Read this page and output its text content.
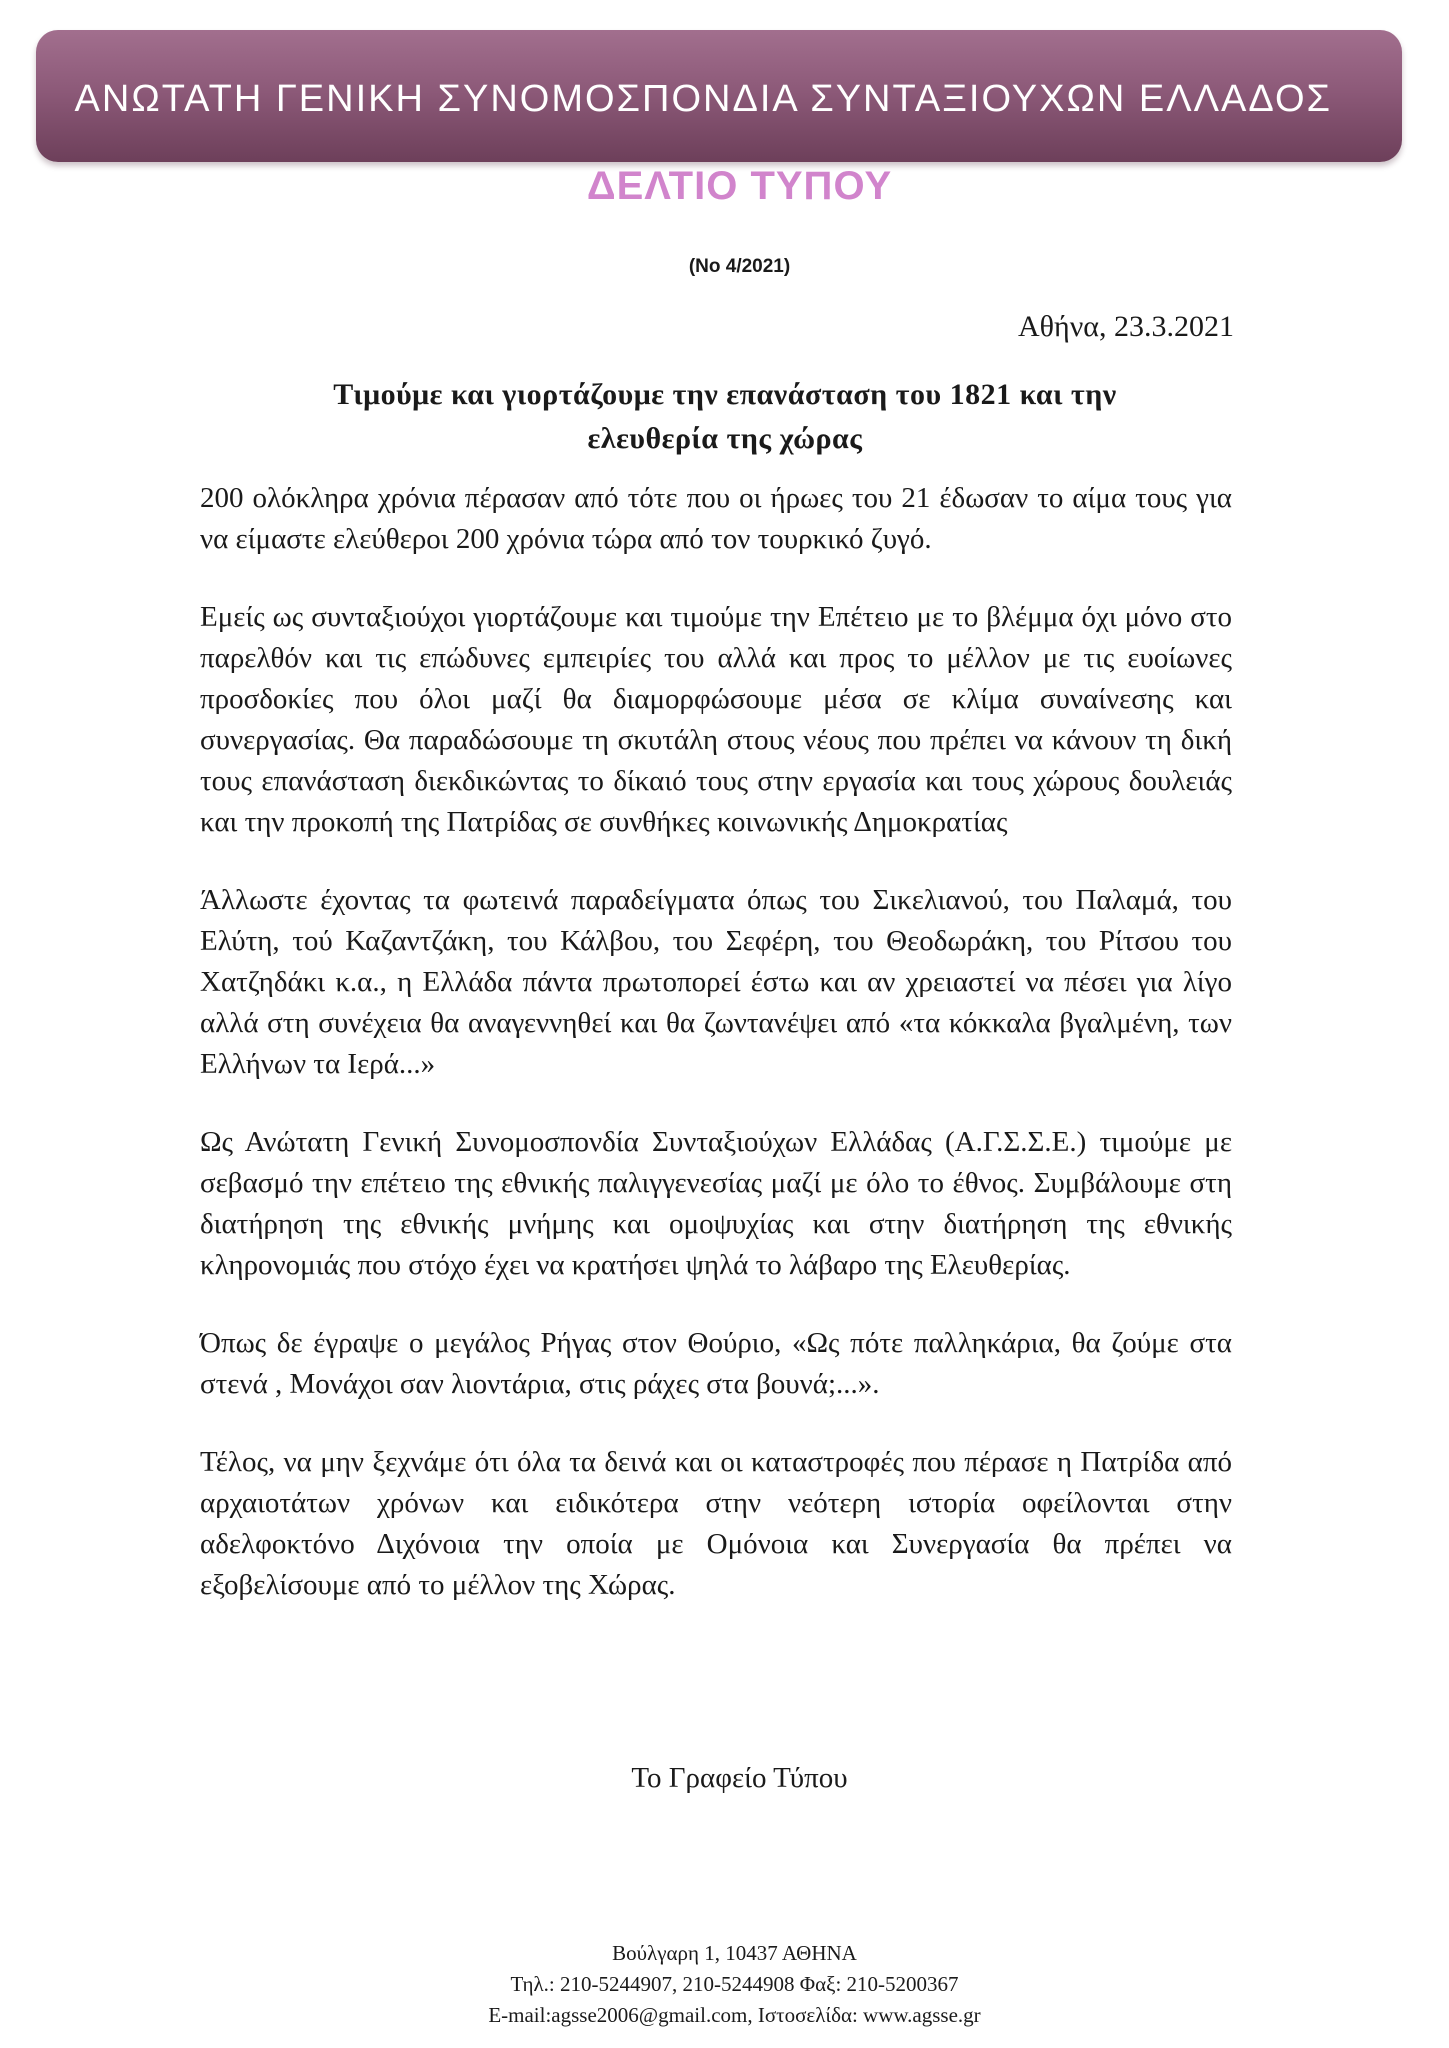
ΑΝΩΤΑΤΗ ΓΕΝΙΚΗ ΣΥΝΟΜΟΣΠΟΝΔΙΑ ΣΥΝΤΑΞΙΟΥΧΩΝ ΕΛΛΑΔΟΣ
ΔΕΛΤΙΟ ΤΥΠΟΥ
(Νο 4/2021)
Αθήνα, 23.3.2021
Τιμούμε και γιορτάζουμε την επανάσταση του 1821 και την
ελευθερία της χώρας

200 ολόκληρα χρόνια πέρασαν από τότε που οι ήρωες του 21 έδωσαν το αίμα τους για να είμαστε ελεύθεροι 200 χρόνια τώρα από τον τουρκικό ζυγό.

Εμείς ως συνταξιούχοι γιορτάζουμε και τιμούμε την Επέτειο με το βλέμμα όχι μόνο στο παρελθόν και τις επώδυνες εμπειρίες του αλλά και προς το μέλλον με τις ευοίωνες προσδοκίες που όλοι μαζί θα διαμορφώσουμε μέσα σε κλίμα συναίνεσης και συνεργασίας. Θα παραδώσουμε τη σκυτάλη στους νέους που πρέπει να κάνουν τη δική τους επανάσταση διεκδικώντας το δίκαιό τους στην εργασία και τους χώρους δουλειάς και την προκοπή της Πατρίδας σε συνθήκες κοινωνικής Δημοκρατίας

Άλλωστε έχοντας τα φωτεινά παραδείγματα όπως του Σικελιανού, του Παλαμά, του Ελύτη, τού Καζαντζάκη, του Κάλβου, του Σεφέρη, του Θεοδωράκη, του Ρίτσου του Χατζηδάκι κ.α., η Ελλάδα πάντα πρωτοπορεί έστω και αν χρειαστεί να πέσει για λίγο αλλά στη συνέχεια θα αναγεννηθεί και θα ζωντανέψει από «τα κόκκαλα βγαλμένη, των Ελλήνων τα Ιερά...»

Ως Ανώτατη Γενική Συνομοσπονδία Συνταξιούχων Ελλάδας (Α.Γ.Σ.Σ.Ε.) τιμούμε με σεβασμό την επέτειο της εθνικής παλιγγενεσίας μαζί με όλο το έθνος. Συμβάλουμε στη διατήρηση της εθνικής μνήμης και ομοψυχίας και στην διατήρηση της εθνικής κληρονομιάς που στόχο έχει να κρατήσει ψηλά το λάβαρο της Ελευθερίας.

Όπως δε έγραψε ο μεγάλος Ρήγας στον Θούριο, «Ως πότε παλληκάρια, θα ζούμε στα στενά , Μονάχοι σαν λιοντάρια, στις ράχες στα βουνά;...».

Τέλος, να μην ξεχνάμε ότι όλα τα δεινά και οι καταστροφές που πέρασε η Πατρίδα από αρχαιοτάτων χρόνων και ειδικότερα στην νεότερη ιστορία οφείλονται στην αδελφοκτόνο Διχόνοια την οποία με Ομόνοια και Συνεργασία θα πρέπει να εξοβελίσουμε από το μέλλον της Χώρας.

Το Γραφείο Τύπου
Βούλγαρη 1, 10437 ΑΘΗΝΑ
Τηλ.: 210-5244907, 210-5244908 Φαξ: 210-5200367
E-mail:agsse2006@gmail.com, Ιστοσελίδα: www.agsse.gr
